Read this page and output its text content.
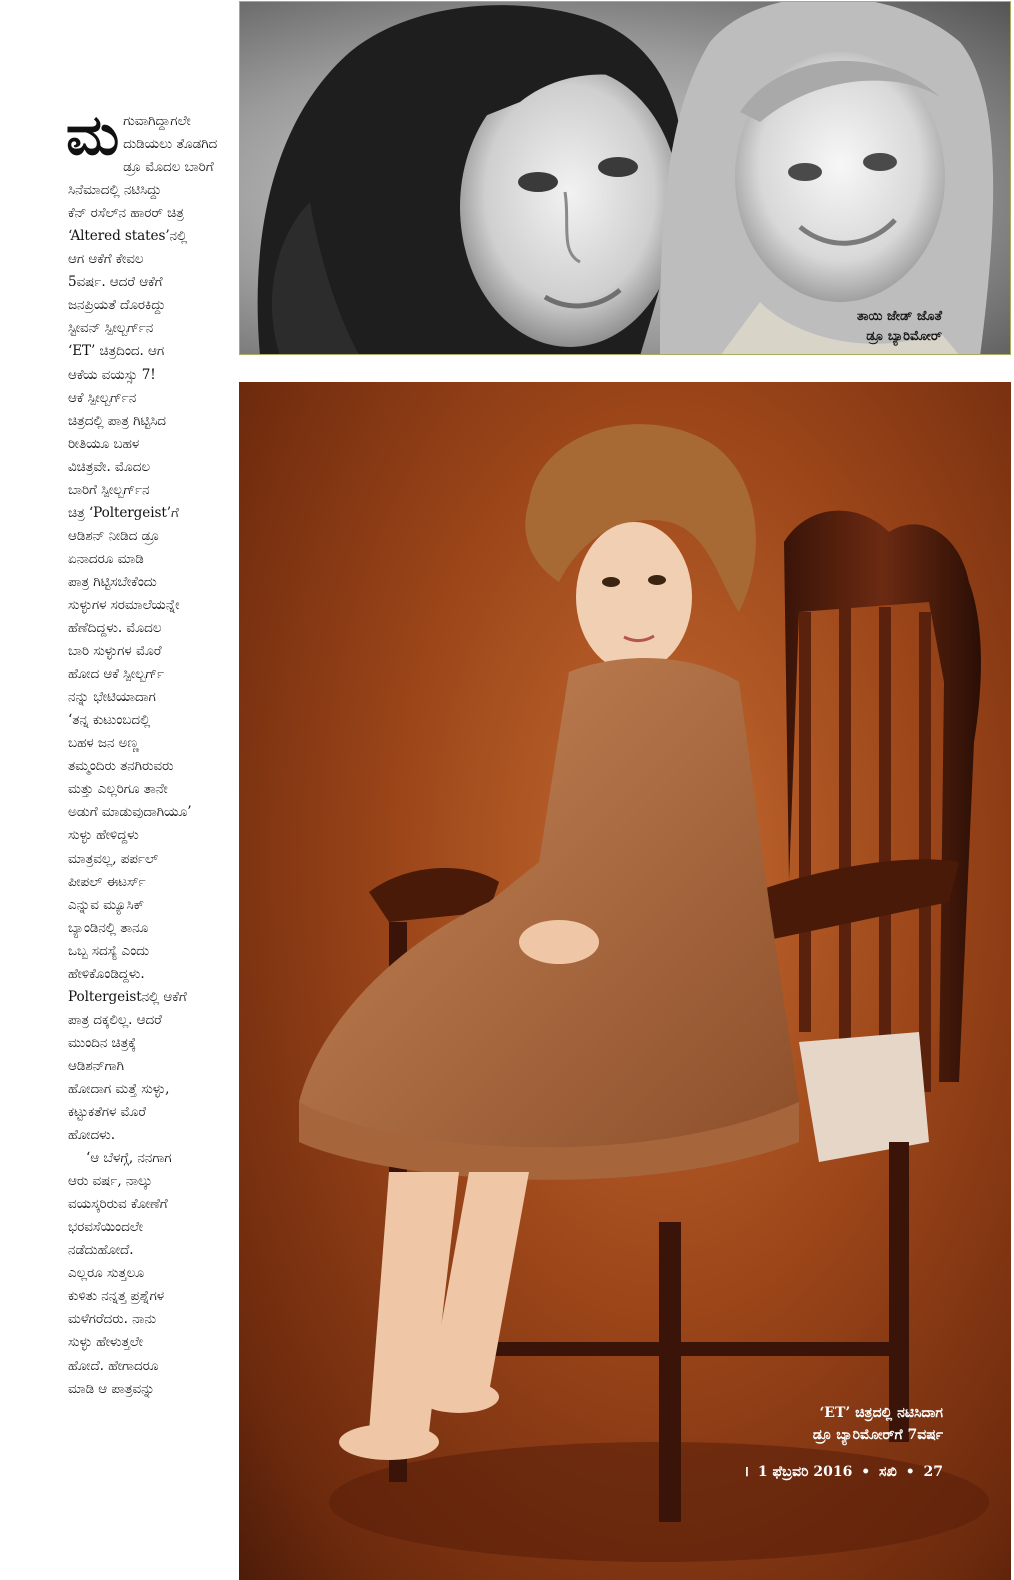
ಮ ಗುವಾಗಿದ್ದಾಗಲೇ
ದುಡಿಯಲು ತೊಡಗಿದ
ಡ್ರೂ ಮೊದಲ ಬಾರಿಗೆ
ಸಿನೆಮಾದಲ್ಲಿ ನಟಿಸಿದ್ದು
ಕೆನ್ ರಸೆಲ್‌ನ ಹಾರರ್ ಚಿತ್ರ
‘Altered states’ನಲ್ಲಿ
ಆಗ ಆಕೆಗೆ ಕೇವಲ
5ವರ್ಷ. ಆದರೆ ಆಕೆಗೆ
ಜನಪ್ರಿಯತೆ ದೊರಕಿದ್ದು
ಸ್ಟೀವನ್ ಸ್ಪೀಲ್ಬರ್ಗ್‌ನ
‘ET’ ಚಿತ್ರದಿಂದ. ಆಗ
ಆಕೆಯ ವಯಸ್ಸು 7!
ಆಕೆ ಸ್ಪೀಲ್ಬರ್ಗ್‌ನ
ಚಿತ್ರದಲ್ಲಿ ಪಾತ್ರ ಗಿಟ್ಟಿಸಿದ
ರೀತಿಯೂ ಬಹಳ
ವಿಚಿತ್ರವೇ. ಮೊದಲ
ಬಾರಿಗೆ ಸ್ಪೀಲ್ಬರ್ಗ್‌ನ
ಚಿತ್ರ ‘Poltergeist’ಗೆ
ಆಡಿಶನ್ ನೀಡಿದ ಡ್ರೂ
ಏನಾದರೂ ಮಾಡಿ
ಪಾತ್ರ ಗಿಟ್ಟಿಸಬೇಕೆಂದು
ಸುಳ್ಳುಗಳ ಸರಮಾಲೆಯನ್ನೇ
ಹೆಣೆದಿದ್ದಳು. ಮೊದಲ
ಬಾರಿ ಸುಳ್ಳುಗಳ ಮೊರೆ
ಹೋದ ಆಕೆ ಸ್ಪೀಲ್ಬರ್ಗ್
ನನ್ನು ಭೇಟಿಯಾದಾಗ
‘ತನ್ನ ಕುಟುಂಬದಲ್ಲಿ
ಬಹಳ ಜನ ಅಣ್ಣ
ತಮ್ಮಂದಿರು ತನಗಿರುವರು
ಮತ್ತು ಎಲ್ಲರಿಗೂ ತಾನೇ
ಅಡುಗೆ ಮಾಡುವುದಾಗಿಯೂ’
ಸುಳ್ಳು ಹೇಳಿದ್ದಳು
ಮಾತ್ರವಲ್ಲ, ಪರ್ಪಲ್
ಪೀಪಲ್ ಈಟರ್ಸ್
ಎನ್ನುವ ಮ್ಯೂಸಿಕ್
ಬ್ಯಾಂಡಿನಲ್ಲಿ ತಾನೂ
ಒಬ್ಬ ಸದಸ್ಯೆ ಎಂದು
ಹೇಳಿಕೊಂಡಿದ್ದಳು.
Poltergeistನಲ್ಲಿ ಆಕೆಗೆ
ಪಾತ್ರ ದಕ್ಕಲಿಲ್ಲ. ಆದರೆ
ಮುಂದಿನ ಚಿತ್ರಕ್ಕೆ
ಆಡಿಶನ್‌ಗಾಗಿ
ಹೋದಾಗ ಮತ್ತೆ ಸುಳ್ಳು,
ಕಟ್ಟುಕತೆಗಳ ಮೊರೆ
ಹೋದಳು.
‘ಆ ಬೆಳಗ್ಗೆ, ನನಗಾಗ
ಆರು ವರ್ಷ, ನಾಲ್ಕು
ವಯಸ್ಕರಿರುವ ಕೋಣೆಗೆ
ಭರವಸೆಯಿಂದಲೇ
ನಡೆದುಹೋದೆ.
ಎಲ್ಲರೂ ಸುತ್ತಲೂ
ಕುಳಿತು ನನ್ನತ್ತ ಪ್ರಶ್ನೆಗಳ
ಮಳೆಗರೆದರು. ನಾನು
ಸುಳ್ಳು ಹೇಳುತ್ತಲೇ
ಹೋದೆ. ಹೇಗಾದರೂ
ಮಾಡಿ ಆ ಪಾತ್ರವನ್ನು
ತಾಯಿ ಜೇಡ್ ಜೊತೆ
ಡ್ರೂ ಬ್ಯಾರಿಮೋರ್
‘ET’ ಚಿತ್ರದಲ್ಲಿ ನಟಿಸಿದಾಗ
ಡ್ರೂ ಬ್ಯಾರಿಮೋರ್‌ಗೆ 7ವರ್ಷ
। 1 ಫೆಬ್ರವರಿ 2016 • ಸಖಿ • 27
